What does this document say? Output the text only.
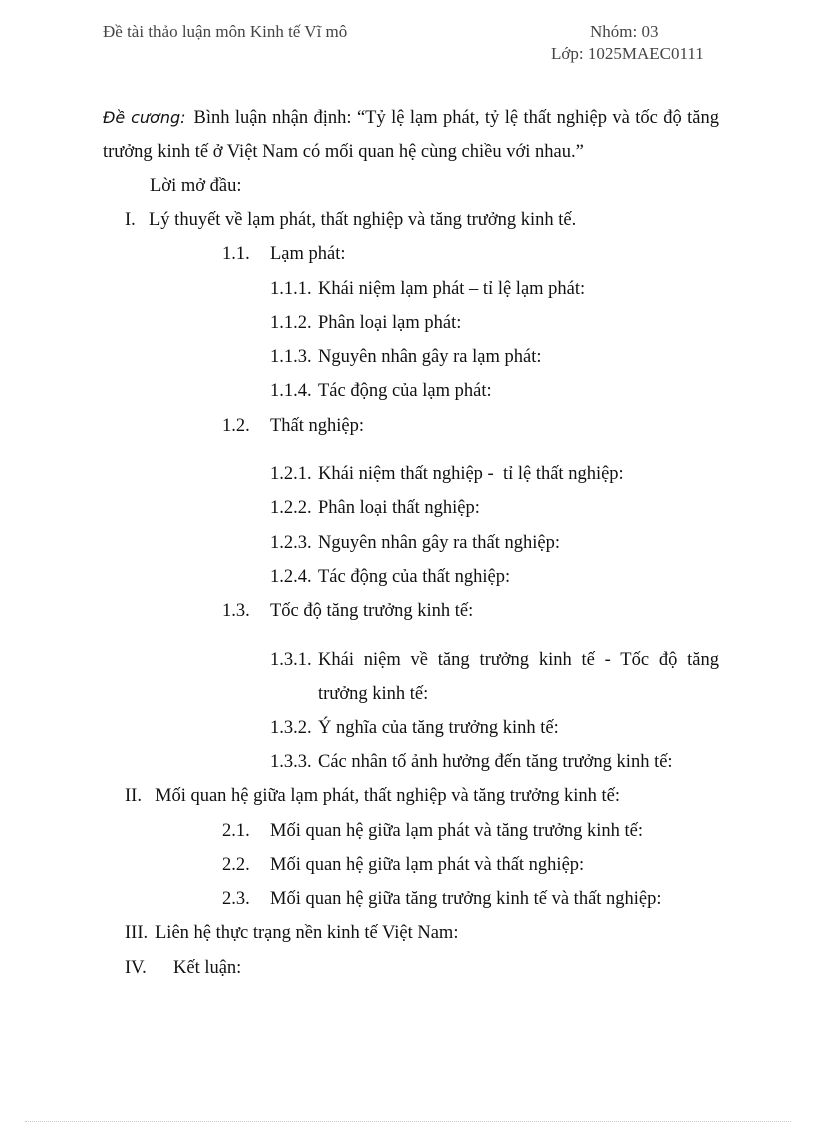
Đề tài thảo luận môn Kinh tế Vĩ mô	Nhóm: 03
Lớp: 1025MAEC0111
Đề cương: Bình luận nhận định: “Tỷ lệ lạm phát, tỷ lệ thất nghiệp và tốc độ tăng trưởng kinh tế ở Việt Nam có mối quan hệ cùng chiều với nhau.”
Lời mở đầu:
I. Lý thuyết về lạm phát, thất nghiệp và tăng trưởng kinh tế.
1.1. Lạm phát:
1.1.1. Khái niệm lạm phát – tỉ lệ lạm phát:
1.1.2. Phân loại lạm phát:
1.1.3. Nguyên nhân gây ra lạm phát:
1.1.4. Tác động của lạm phát:
1.2. Thất nghiệp:
1.2.1. Khái niệm thất nghiệp -  tỉ lệ thất nghiệp:
1.2.2. Phân loại thất nghiệp:
1.2.3. Nguyên nhân gây ra thất nghiệp:
1.2.4. Tác động của thất nghiệp:
1.3. Tốc độ tăng trưởng kinh tế:
1.3.1. Khái niệm về tăng trưởng kinh tế - Tốc độ tăng
trưởng kinh tế:
1.3.2. Ý nghĩa của tăng trưởng kinh tế:
1.3.3. Các nhân tố ảnh hưởng đến tăng trưởng kinh tế:
II. Mối quan hệ giữa lạm phát, thất nghiệp và tăng trưởng kinh tế:
2.1. Mối quan hệ giữa lạm phát và tăng trưởng kinh tế:
2.2. Mối quan hệ giữa lạm phát và thất nghiệp:
2.3. Mối quan hệ giữa tăng trưởng kinh tế và thất nghiệp:
III. Liên hệ thực trạng nền kinh tế Việt Nam:
IV. Kết luận:
